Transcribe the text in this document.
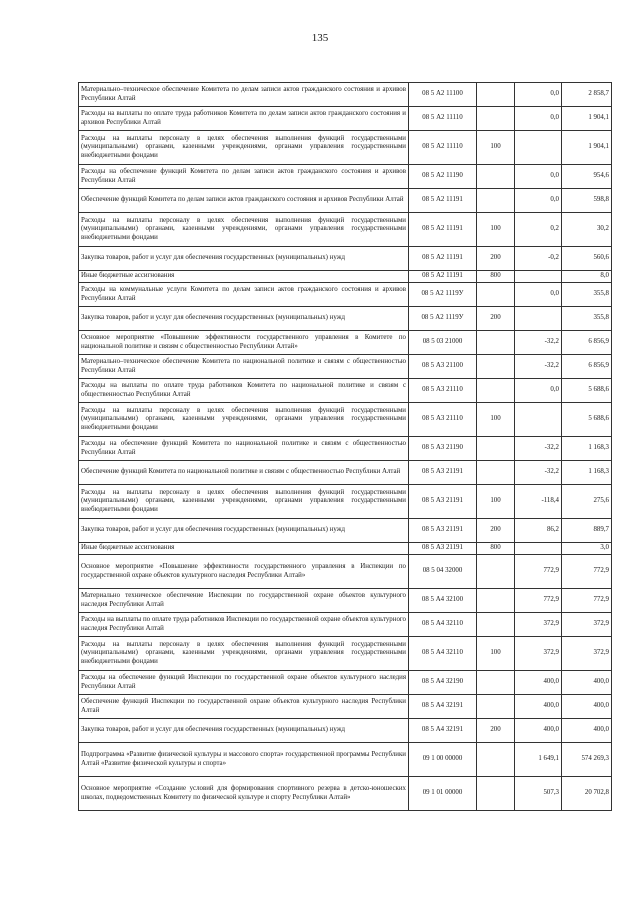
135
Материально–техническое обеспечение Комитета по делам записи актов гражданского состояния и архивов Республики Алтай	08 5 А2 11100		0,0	2 858,7
Расходы на выплаты по оплате труда работников Комитета по делам записи актов гражданского состояния и архивов Республики Алтай	08 5 А2 11110		0,0	1 904,1
Расходы на выплаты персоналу в целях обеспечения выполнения функций государственными (муниципальными) органами, казенными учреждениями, органами управления государственными внебюджетными фондами	08 5 А2 11110	100		1 904,1
Расходы на обеспечение функций Комитета по делам записи актов гражданского состояния и архивов Республики Алтай	08 5 А2 11190		0,0	954,6
Обеспечение функций Комитета по делам записи актов гражданского состояния и архивов Республики Алтай	08 5 А2 11191		0,0	598,8
Расходы на выплаты персоналу в целях обеспечения выполнения функций государственными (муниципальными) органами, казенными учреждениями, органами управления государственными внебюджетными фондами	08 5 А2 11191	100	0,2	30,2
Закупка товаров, работ и услуг для обеспечения государственных (муниципальных) нужд	08 5 А2 11191	200	-0,2	560,6
Иные бюджетные ассигнования	08 5 А2 11191	800		8,0
Расходы на коммунальные услуги Комитета по делам записи актов гражданского состояния и архивов Республики Алтай	08 5 А2 1119У		0,0	355,8
Закупка товаров, работ и услуг для обеспечения государственных (муниципальных) нужд	08 5 А2 1119У	200		355,8
Основное мероприятие «Повышение эффективности государственного управления в Комитете по национальной политике и связям с общественностью Республики Алтай»	08 5 03 21000		-32,2	6 856,9
Материально–техническое обеспечение Комитета по национальной политике и связям с общественностью Республики Алтай	08 5 А3 21100		-32,2	6 856,9
Расходы на выплаты по оплате труда работников Комитета по национальной политике и связям с общественностью Республики Алтай	08 5 А3 21110		0,0	5 688,6
Расходы на выплаты персоналу в целях обеспечения выполнения функций государственными (муниципальными) органами, казенными учреждениями, органами управления государственными внебюджетными фондами	08 5 А3 21110	100		5 688,6
Расходы на обеспечение функций Комитета по национальной политике и связям с общественностью Республики Алтай	08 5 А3 21190		-32,2	1 168,3
Обеспечение функций Комитета по национальной политике и связям с общественностью Республики Алтай	08 5 А3 21191		-32,2	1 168,3
Расходы на выплаты персоналу в целях обеспечения выполнения функций государственными (муниципальными) органами, казенными учреждениями, органами управления государственными внебюджетными фондами	08 5 А3 21191	100	-118,4	275,6
Закупка товаров, работ и услуг для обеспечения государственных (муниципальных) нужд	08 5 А3 21191	200	86,2	889,7
Иные бюджетные ассигнования	08 5 А3 21191	800		3,0
Основное мероприятие «Повышение эффективности государственного управления в Инспекции по государственной охране объектов культурного наследия Республики Алтай»	08 5 04 32000		772,9	772,9
Материально техническое обеспечение Инспекции по государственной охране объектов культурного наследия Республики Алтай	08 5 А4 32100		772,9	772,9
Расходы на выплаты по оплате труда работников Инспекции по государственной охране объектов культурного наследия Республики Алтай	08 5 А4 32110		372,9	372,9
Расходы на выплаты персоналу в целях обеспечения выполнения функций государственными (муниципальными) органами, казенными учреждениями, органами управления государственными внебюджетными фондами	08 5 А4 32110	100	372,9	372,9
Расходы на обеспечение функций Инспекции по государственной охране объектов культурного наследия Республики Алтай	08 5 А4 32190		400,0	400,0
Обеспечение функций Инспекции по государственной охране объектов культурного наследия Республики Алтай	08 5 А4 32191		400,0	400,0
Закупка товаров, работ и услуг для обеспечения государственных (муниципальных) нужд	08 5 А4 32191	200	400,0	400,0
Подпрограмма «Развитие физической культуры и массового спорта» государственной программы Республики Алтай «Развитие физической культуры и спорта»	09 1 00 00000		1 649,1	574 269,3
Основное мероприятие «Создание условий для формирования спортивного резерва в детско-юношеских школах, подведомственных Комитету по физической культуре и спорту Республики Алтай»	09 1 01 00000		507,3	20 702,8
